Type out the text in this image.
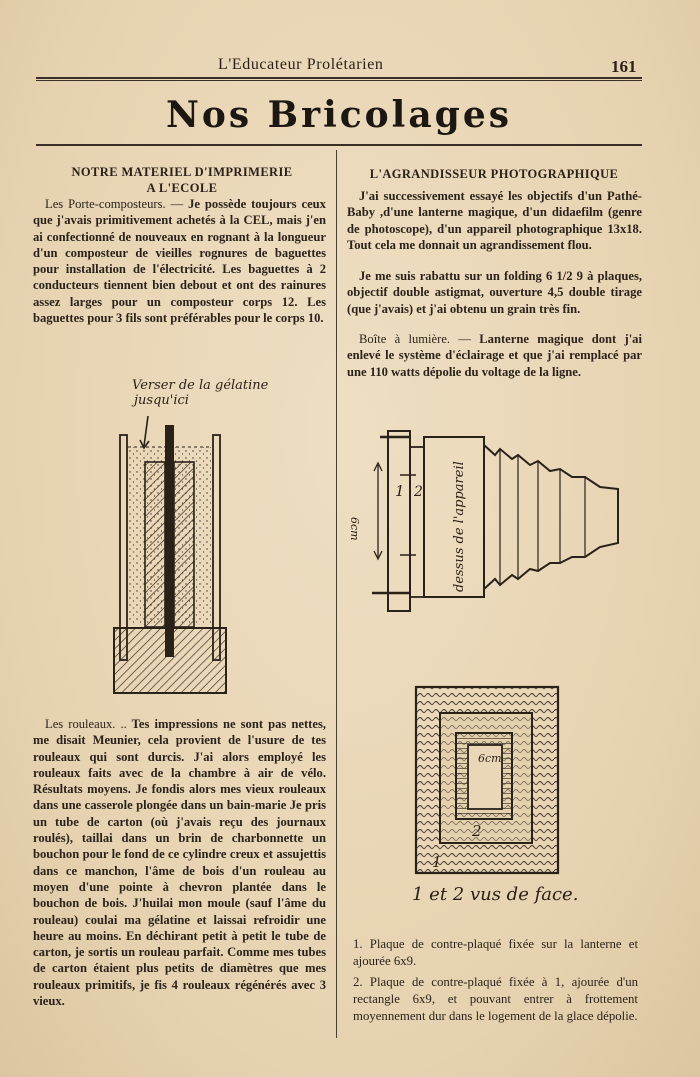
L'Educateur Prolétarien	161
Nos Bricolages
NOTRE MATERIEL D'IMPRIMERIE
A L'ECOLE

Les Porte-composteurs. — Je possède toujours ceux que j'avais primitivement achetés à la CEL, mais j'en ai confectionné de nouveaux en rognant à la longueur d'un composteur de vieilles rognures de baguettes pour installation de l'électricité. Les baguettes à 2 conducteurs tiennent bien debout et ont des rainures assez larges pour un composteur corps 12. Les baguettes pour 3 fils sont préférables pour le corps 10.

Verser de la gélatine
jusqu'ici

Les rouleaux. .. Tes impressions ne sont pas nettes, me disait Meunier, cela provient de l'usure de tes rouleaux qui sont durcis. J'ai alors employé les rouleaux faits avec de la chambre à air de vélo. Résultats moyens. Je fondis alors mes vieux rouleaux dans une casserole plongée dans un bain-marie Je pris un tube de carton (où j'avais reçu des journaux roulés), taillai dans un brin de charbonnette un bouchon pour le fond de ce cylindre creux et assujettis dans ce manchon, l'âme de bois d'un rouleau au moyen d'une pointe à chevron plantée dans le bouchon de bois. J'huilai mon moule (sauf l'âme du rouleau) coulai ma gélatine et laissai refroidir une heure au moins. En déchirant petit à petit le tube de carton, je sortis un rouleau parfait. Comme mes tubes de carton étaient plus petits de diamètres que mes rouleaux primitifs, je fis 4 rouleaux régénérés avec 3 vieux.

L'AGRANDISSEUR PHOTOGRAPHIQUE

J'ai successivement essayé les objectifs d'un Pathé-Baby ,d'une lanterne magique, d'un didaefilm (genre de photoscope), d'un appareil photographique 13x18. Tout cela me donnait un agrandissement flou.

Je me suis rabattu sur un folding 6 1/2 9 à plaques, objectif double astigmat, ouverture 4,5 double tirage (que j'avais) et j'ai obtenu un grain très fin.

Boîte à lumière. — Lanterne magique dont j'ai enlevé le système d'éclairage et que j'ai remplacé par une 110 watts dépolie du voltage de la ligne.

1 2
6cm	dessus de l'appareil
6cm
2
1
1 et 2 vus de face.

1. Plaque de contre-plaqué fixée sur la lanterne et ajourée 6x9.

2. Plaque de contre-plaqué fixée à 1, ajourée d'un rectangle 6x9, et pouvant entrer à frottement moyennement dur dans le logement de la glace dépolie.
